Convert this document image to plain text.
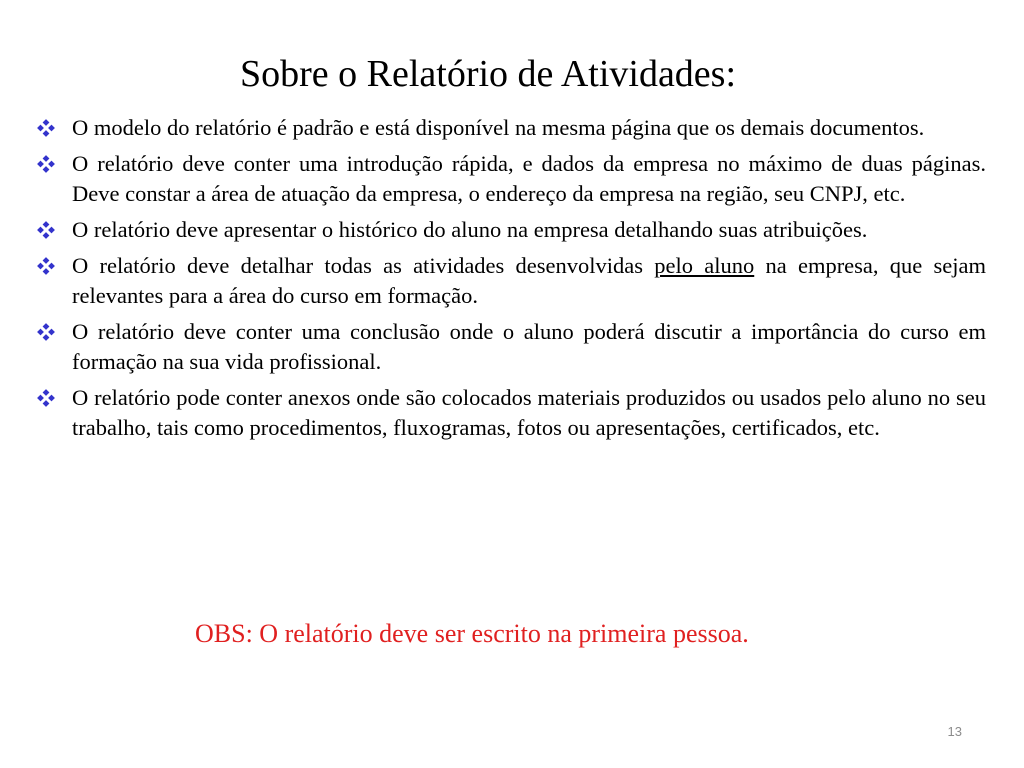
Sobre o Relatório de Atividades:
O modelo do relatório é padrão e está disponível na mesma página que os demais documentos.
O relatório deve conter uma introdução rápida, e dados da empresa no máximo de duas páginas. Deve constar a área de atuação da empresa, o endereço da empresa na região, seu CNPJ, etc.
O relatório deve apresentar o histórico do aluno na empresa detalhando suas atribuições.
O relatório deve detalhar todas as atividades desenvolvidas pelo aluno na empresa, que sejam relevantes para a área do curso em formação.
O relatório deve conter uma conclusão onde o aluno poderá discutir a importância do curso em formação na sua vida profissional.
O relatório pode conter anexos onde são colocados materiais produzidos ou usados pelo aluno no seu trabalho, tais como procedimentos, fluxogramas, fotos ou apresentações, certificados, etc.

OBS: O relatório deve ser escrito na primeira pessoa.

13
